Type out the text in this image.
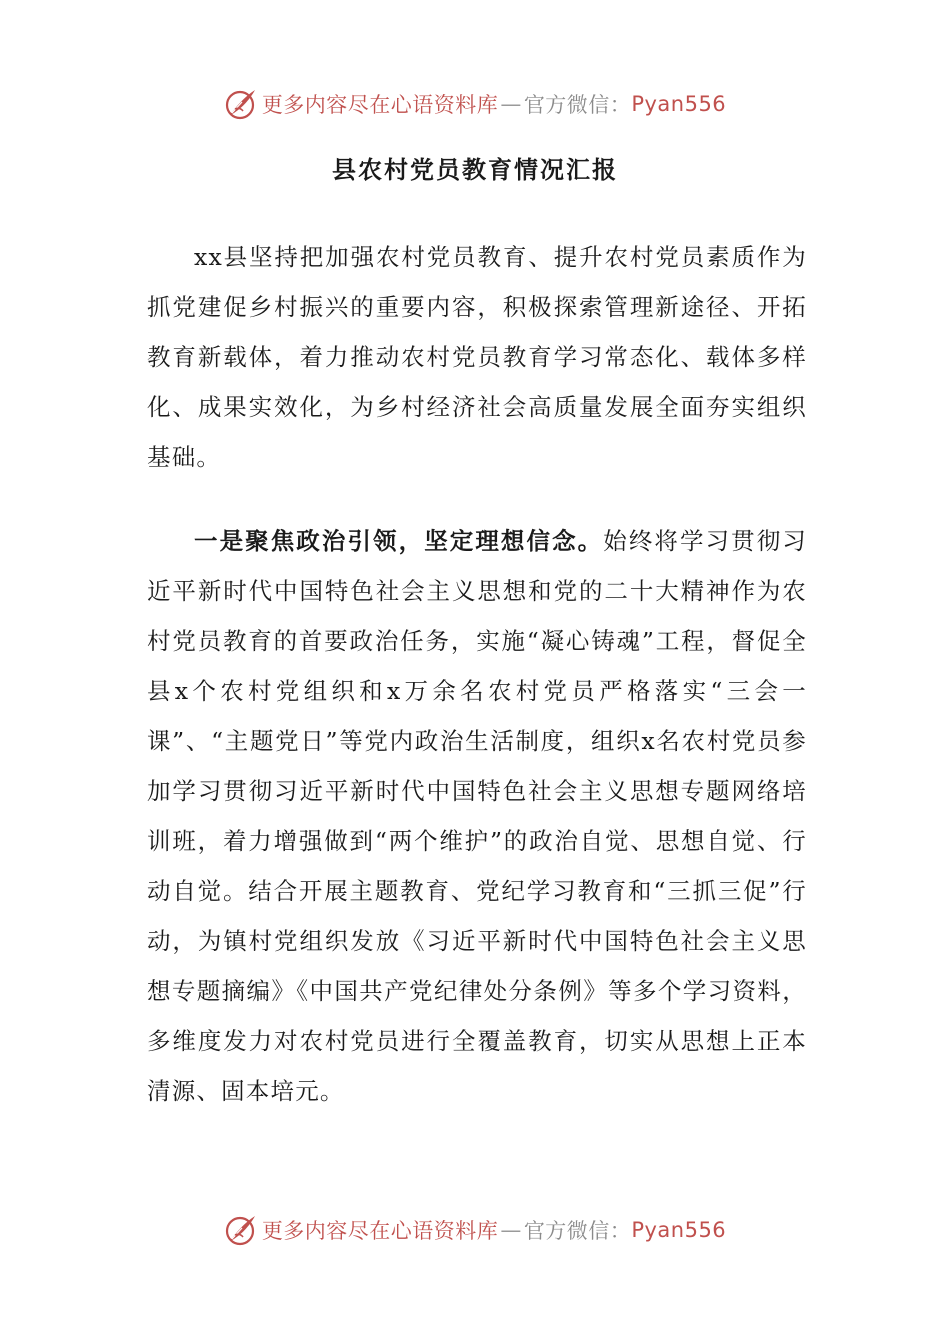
更多内容尽在心语资料库 — 官方微信： Pyan556
县农村党员教育情况汇报

xx县坚持把加强农村党员教育、提升农村党员素质作为抓党建促乡村振兴的重要内容，积极探索管理新途径、开拓教育新载体，着力推动农村党员教育学习常态化、载体多样化、成果实效化，为乡村经济社会高质量发展全面夯实组织基础。

一是聚焦政治引领，坚定理想信念。始终将学习贯彻习近平新时代中国特色社会主义思想和党的二十大精神作为农村党员教育的首要政治任务，实施“凝心铸魂”工程，督促全县x个农村党组织和x万余名农村党员严格落实“三会一课”、“主题党日”等党内政治生活制度，组织x名农村党员参加学习贯彻习近平新时代中国特色社会主义思想专题网络培训班，着力增强做到“两个维护”的政治自觉、思想自觉、行动自觉。结合开展主题教育、党纪学习教育和“三抓三促”行动，为镇村党组织发放《习近平新时代中国特色社会主义思想专题摘编》《中国共产党纪律处分条例》等多个学习资料，多维度发力对农村党员进行全覆盖教育，切实从思想上正本清源、固本培元。

更多内容尽在心语资料库 — 官方微信： Pyan556
